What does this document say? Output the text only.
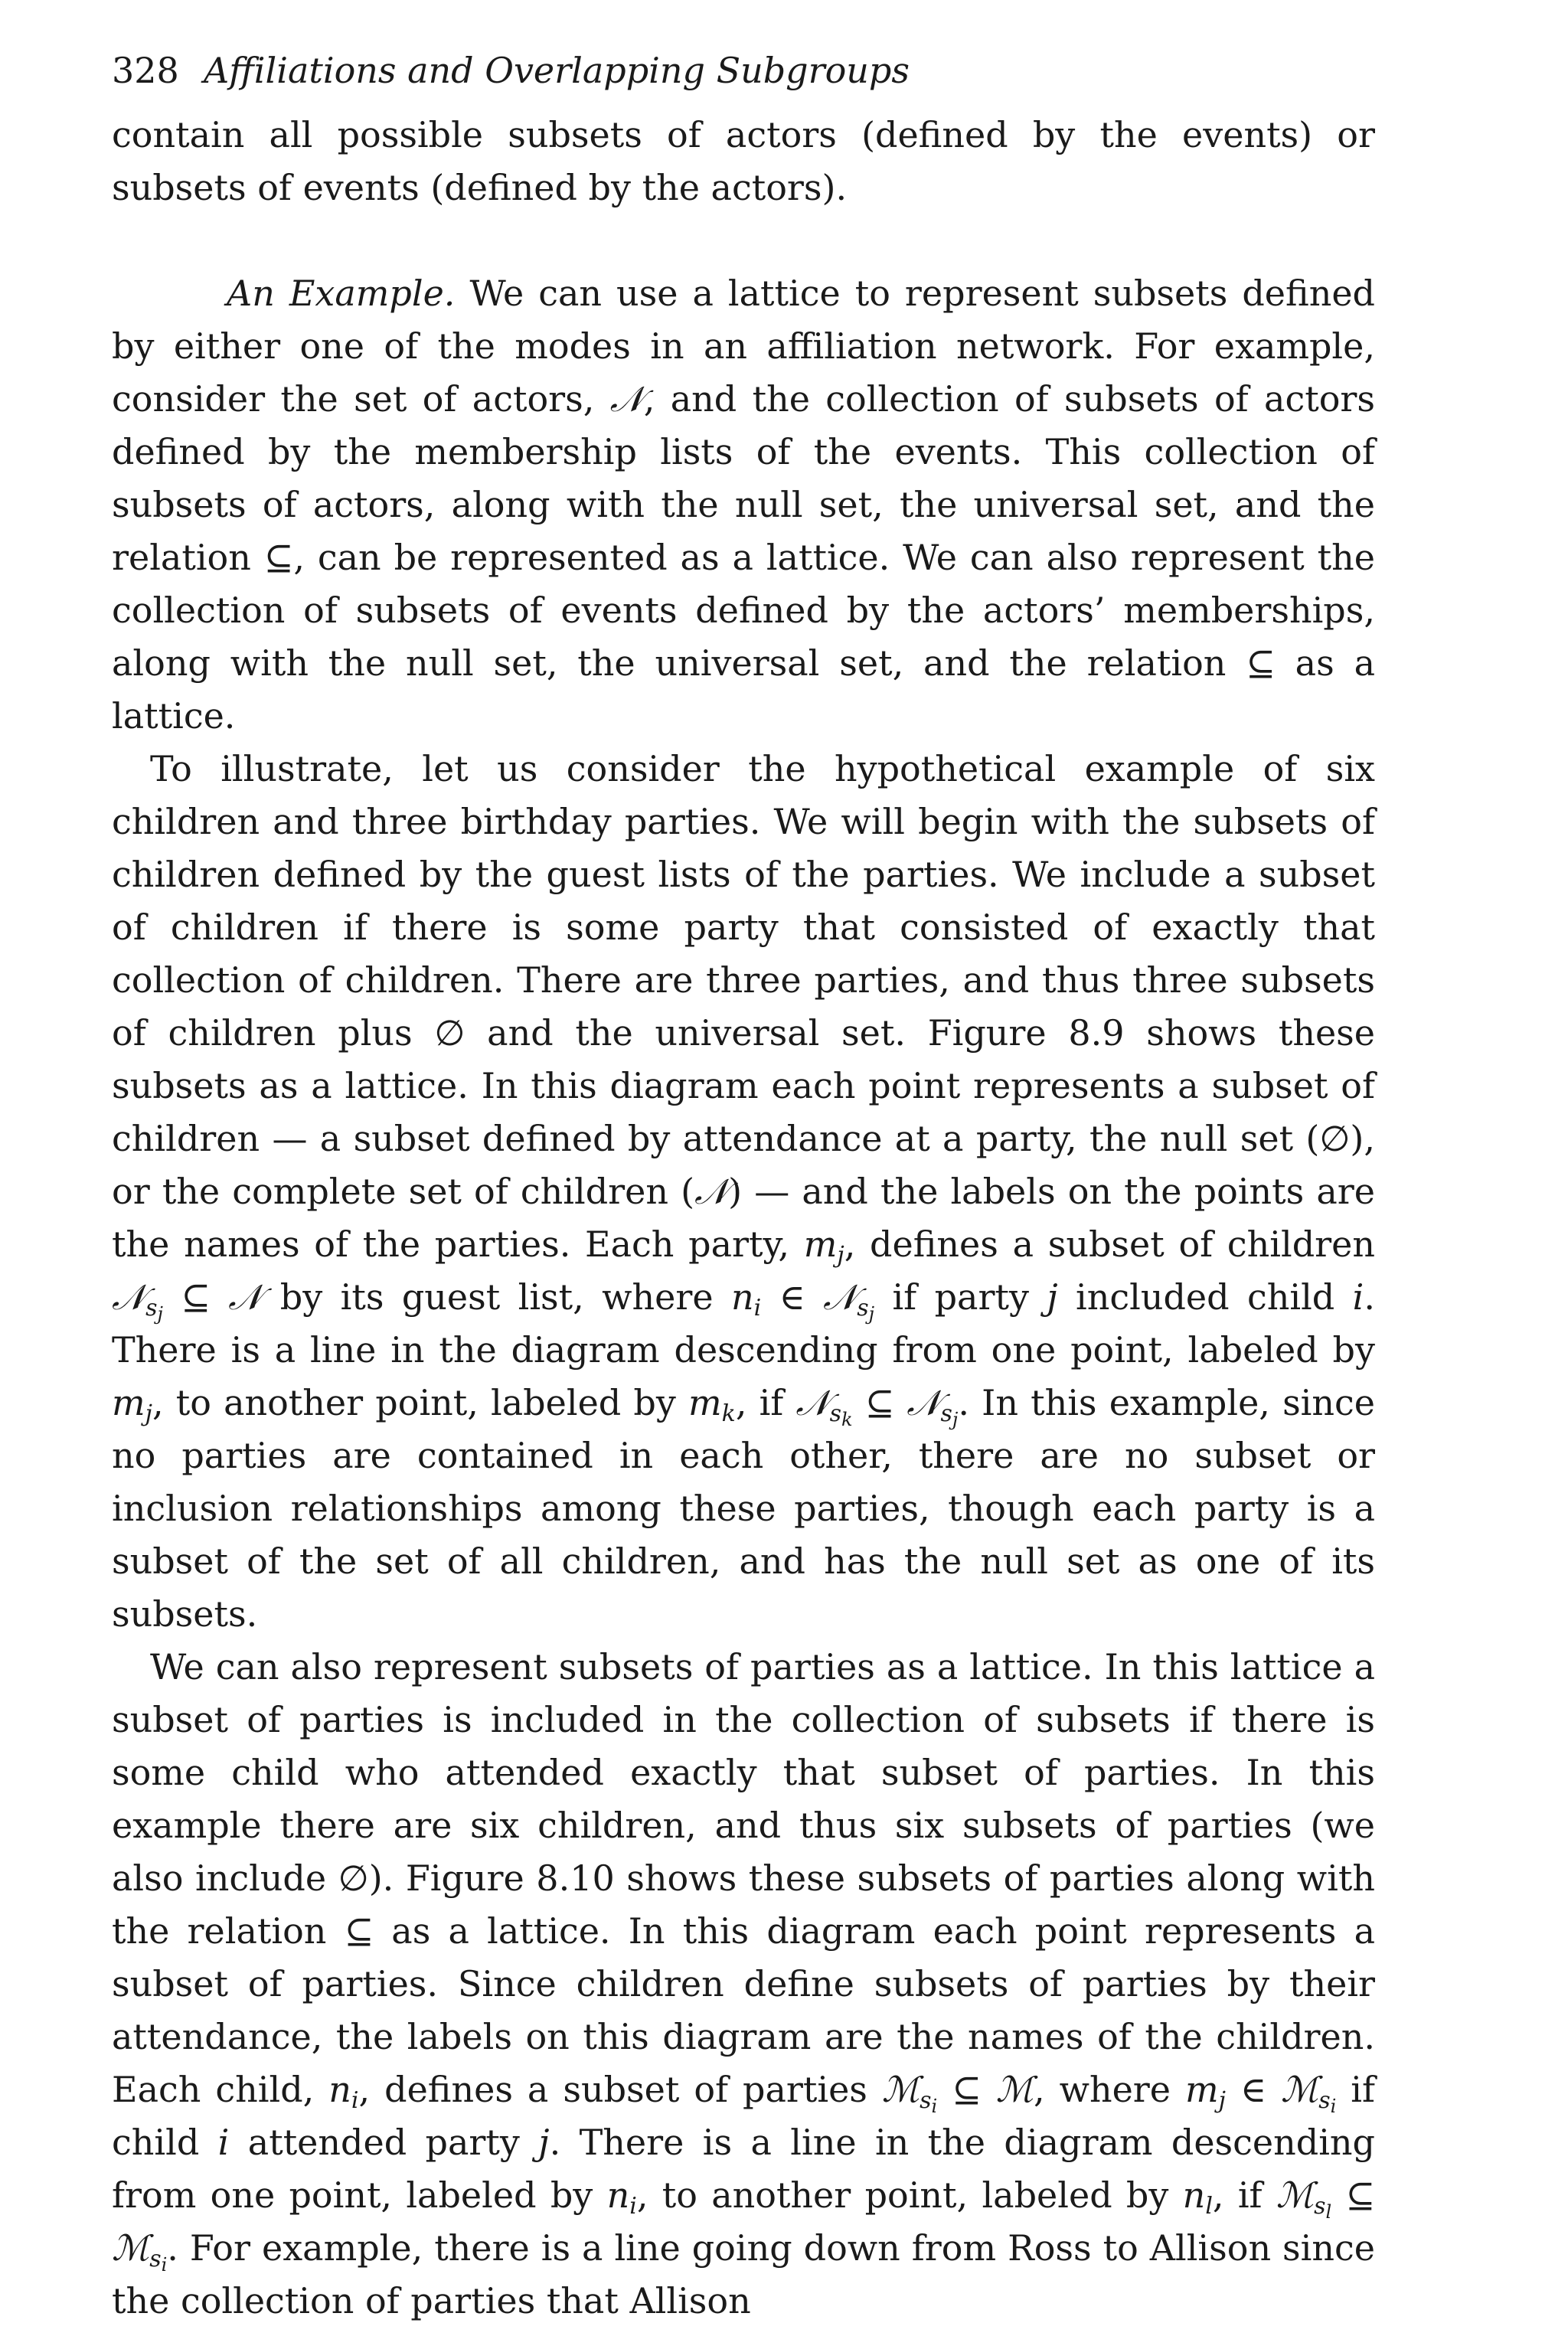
328 Affiliations and Overlapping Subgroups

contain all possible subsets of actors (defined by the events) or subsets of events (defined by the actors).

An Example. We can use a lattice to represent subsets defined by either one of the modes in an affiliation network. For example, consider the set of actors, 𝒩, and the collection of subsets of actors defined by the membership lists of the events. This collection of subsets of actors, along with the null set, the universal set, and the relation ⊆, can be represented as a lattice. We can also represent the collection of subsets of events defined by the actors’ memberships, along with the null set, the universal set, and the relation ⊆ as a lattice.

To illustrate, let us consider the hypothetical example of six children and three birthday parties. We will begin with the subsets of children defined by the guest lists of the parties. We include a subset of children if there is some party that consisted of exactly that collection of children. There are three parties, and thus three subsets of children plus ∅ and the universal set. Figure 8.9 shows these subsets as a lattice. In this diagram each point represents a subset of children — a subset defined by attendance at a party, the null set (∅), or the complete set of children (𝒩) — and the labels on the points are the names of the parties. Each party, $m_j$, defines a subset of children 𝒩$_{s_j}$ ⊆ 𝒩 by its guest list, where $n_i$ ∈ 𝒩$_{s_j}$ if party j included child i. There is a line in the diagram descending from one point, labeled by $m_j$, to another point, labeled by $m_k$, if 𝒩$_{s_k}$ ⊆ 𝒩$_{s_j}$. In this example, since no parties are contained in each other, there are no subset or inclusion relationships among these parties, though each party is a subset of the set of all children, and has the null set as one of its subsets.

We can also represent subsets of parties as a lattice. In this lattice a subset of parties is included in the collection of subsets if there is some child who attended exactly that subset of parties. In this example there are six children, and thus six subsets of parties (we also include ∅). Figure 8.10 shows these subsets of parties along with the relation ⊆ as a lattice. In this diagram each point represents a subset of parties. Since children define subsets of parties by their attendance, the labels on this diagram are the names of the children. Each child, $n_i$, defines a subset of parties ℳ$_{s_i}$ ⊆ ℳ, where $m_j$ ∈ ℳ$_{s_i}$ if child i attended party j. There is a line in the diagram descending from one point, labeled by $n_i$, to another point, labeled by $n_l$, if ℳ$_{s_l}$ ⊆ ℳ$_{s_i}$. For example, there is a line going down from Ross to Allison since the collection of parties that Allison
